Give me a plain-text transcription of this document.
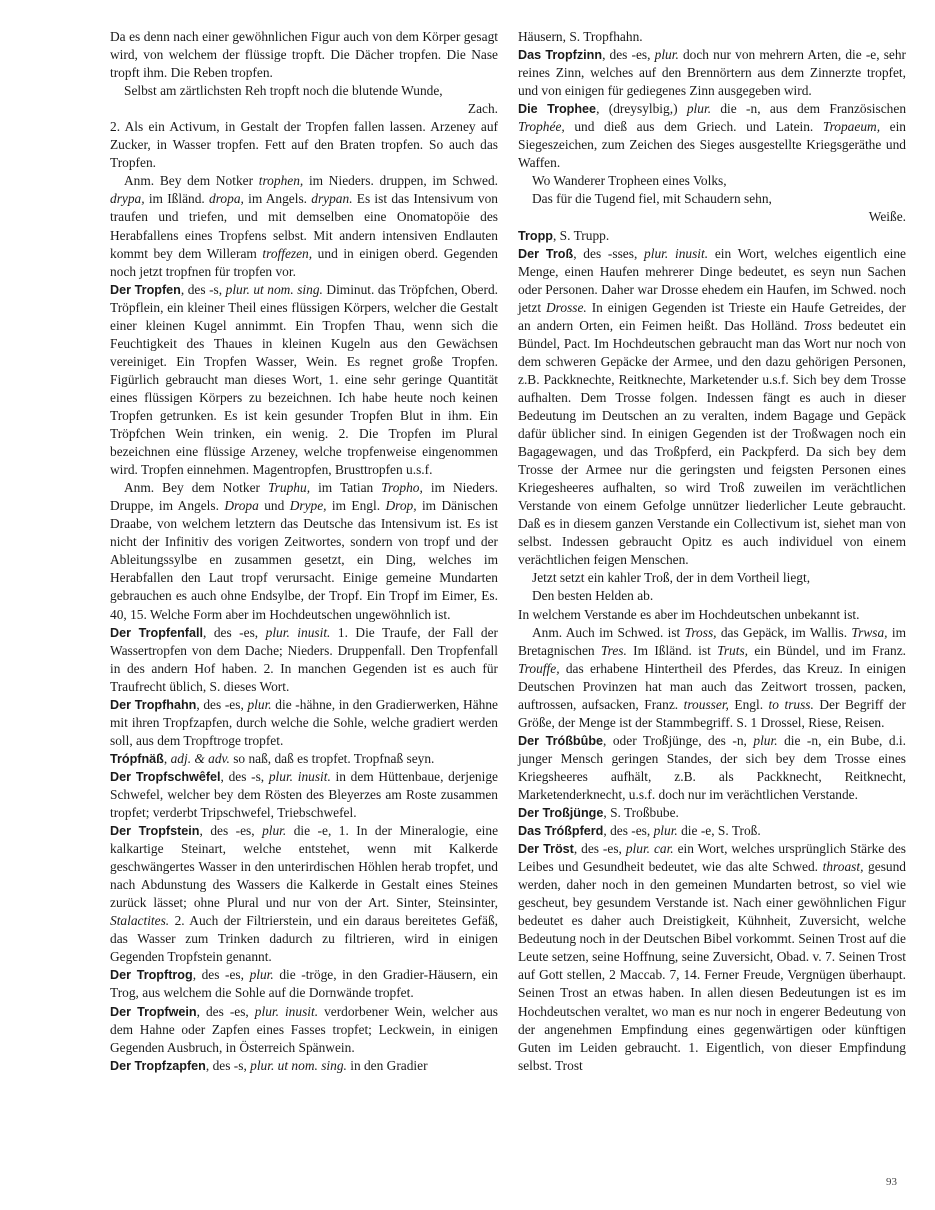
Da es denn nach einer gewöhnlichen Figur auch von dem Körper gesagt wird, von welchem der flüssige tropft. Die Dächer tropfen. Die Nase tropft ihm. Die Reben tropfen.

Selbst am zärtlichsten Reh tropft noch die blutende Wunde,

Zach.

2. Als ein Activum, in Gestalt der Tropfen fallen lassen. Arzeney auf Zucker, in Wasser tropfen. Fett auf den Braten tropfen. So auch das Tropfen.

Anm. Bey dem Notker trophen, im Nieders. druppen, im Schwed. drypa, im Ißländ. dropa, im Angels. drypan. Es ist das Intensivum von traufen und triefen, und mit demselben eine Onomatopöie des Herabfallens eines Tropfens selbst. Mit andern intensiven Endlauten kommt bey dem Willeram troffezen, und in einigen oberd. Gegenden noch jetzt tropfnen für tropfen vor.

Der Tropfen, des -s, plur. ut nom. sing. Diminut. das Tröpfchen, Oberd. Tröpflein, ein kleiner Theil eines flüssigen Körpers, welcher die Gestalt einer kleinen Kugel annimmt. Ein Tropfen Thau, wenn sich die Feuchtigkeit des Thaues in kleinen Kugeln aus den Gewächsen vereiniget. Ein Tropfen Wasser, Wein. Es regnet große Tropfen. Figürlich gebraucht man dieses Wort, 1. eine sehr geringe Quantität eines flüssigen Körpers zu bezeichnen. Ich habe heute noch keinen Tropfen getrunken. Es ist kein gesunder Tropfen Blut in ihm. Ein Tröpfchen Wein trinken, ein wenig. 2. Die Tropfen im Plural bezeichnen eine flüssige Arzeney, welche tropfenweise eingenommen wird. Tropfen einnehmen. Magentropfen, Brusttropfen u.s.f.

Anm. Bey dem Notker Truphu, im Tatian Tropho, im Nieders. Druppe, im Angels. Dropa und Drype, im Engl. Drop, im Dänischen Draabe, von welchem letztern das Deutsche das Intensivum ist. Es ist nicht der Infinitiv des vorigen Zeitwortes, sondern von tropf und der Ableitungssylbe en zusammen gesetzt, ein Ding, welches im Herabfallen den Laut tropf verursacht. Einige gemeine Mundarten gebrauchen es auch ohne Endsylbe, der Tropf. Ein Tropf im Eimer, Es. 40, 15. Welche Form aber im Hochdeutschen ungewöhnlich ist.

Der Tropfenfall, des -es, plur. inusit. 1. Die Traufe, der Fall der Wassertropfen von dem Dache; Nieders. Druppenfall. Den Tropfenfall in des andern Hof haben. 2. In manchen Gegenden ist es auch für Traufrecht üblich, S. dieses Wort.

Der Tropfhahn, des -es, plur. die -hähne, in den Gradierwerken, Hähne mit ihren Tropfzapfen, durch welche die Sohle, welche gradiert werden soll, aus dem Tropftroge tropfet.

Trópfnäß, adj. & adv. so naß, daß es tropfet. Tropfnaß seyn.

Der Tropfschwêfel, des -s, plur. inusit. in dem Hüttenbaue, derjenige Schwefel, welcher bey dem Rösten des Bleyerzes am Roste zusammen tropfet; verderbt Tripschwefel, Triebschwefel.

Der Tropfstein, des -es, plur. die -e, 1. In der Mineralogie, eine kalkartige Steinart, welche entstehet, wenn mit Kalkerde geschwängertes Wasser in den unterirdischen Höhlen herab tropfet, und nach Abdunstung des Wassers die Kalkerde in Gestalt eines Steines zurück lässet; ohne Plural und nur von der Art. Sinter, Steinsinter, Stalactites. 2. Auch der Filtrierstein, und ein daraus bereitetes Gefäß, das Wasser zum Trinken dadurch zu filtrieren, wird in einigen Gegenden Tropfstein genannt.

Der Tropftrog, des -es, plur. die -tröge, in den Gradier-Häusern, ein Trog, aus welchem die Sohle auf die Dornwände tropfet.

Der Tropfwein, des -es, plur. inusit. verdorbener Wein, welcher aus dem Hahne oder Zapfen eines Fasses tropfet; Leckwein, in einigen Gegenden Ausbruch, in Österreich Spänwein.

Der Tropfzapfen, des -s, plur. ut nom. sing. in den Gradier

Häusern, S. Tropfhahn.

Das Tropfzinn, des -es, plur. doch nur von mehrern Arten, die -e, sehr reines Zinn, welches auf den Brennörtern aus dem Zinnerzte tropfet, und von einigen für gediegenes Zinn ausgegeben wird.

Die Trophee, (dreysylbig,) plur. die -n, aus dem Französischen Trophée, und dieß aus dem Griech. und Latein. Tropaeum, ein Siegeszeichen, zum Zeichen des Sieges ausgestellte Kriegsgeräthe und Waffen.

Wo Wanderer Tropheen eines Volks,

Das für die Tugend fiel, mit Schaudern sehn,

Weiße.

Tropp, S. Trupp.

Der Troß, des -sses, plur. inusit. ein Wort, welches eigentlich eine Menge, einen Haufen mehrerer Dinge bedeutet, es seyn nun Sachen oder Personen. Daher war Drosse ehedem ein Haufen, im Schwed. noch jetzt Drosse. In einigen Gegenden ist Trieste ein Haufe Getreides, der an andern Orten, ein Feimen heißt. Das Holländ. Tross bedeutet ein Bündel, Pact. Im Hochdeutschen gebraucht man das Wort nur noch von dem schweren Gepäcke der Armee, und den dazu gehörigen Personen, z.B. Packknechte, Reitknechte, Marketender u.s.f. Sich bey dem Trosse aufhalten. Dem Trosse folgen. Indessen fängt es auch in dieser Bedeutung im Deutschen an zu veralten, indem Bagage und Gepäck dafür üblicher sind. In einigen Gegenden ist der Troßwagen noch ein Bagagewagen, und das Troßpferd, ein Packpferd. Da sich bey dem Trosse der Armee nur die geringsten und feigsten Personen eines Kriegesheeres aufhalten, so wird Troß zuweilen im verächtlichen Verstande von einem Gefolge unnützer liederlicher Leute gebraucht. Daß es in diesem ganzen Verstande ein Collectivum ist, siehet man von selbst. Indessen gebraucht Opitz es auch individuel von einem verächtlichen feigen Menschen.

Jetzt setzt ein kahler Troß, der in dem Vortheil liegt,

Den besten Helden ab.

In welchem Verstande es aber im Hochdeutschen unbekannt ist.

Anm. Auch im Schwed. ist Tross, das Gepäck, im Wallis. Trwsa, im Bretagnischen Tres. Im Ißländ. ist Truts, ein Bündel, und im Franz. Trouffe, das erhabene Hintertheil des Pferdes, das Kreuz. In einigen Deutschen Provinzen hat man auch das Zeitwort trossen, packen, auftrossen, aufsacken, Franz. trousser, Engl. to truss. Der Begriff der Größe, der Menge ist der Stammbegriff. S. 1 Drossel, Riese, Reisen.

Der Tróßbûbe, oder Troßjünge, des -n, plur. die -n, ein Bube, d.i. junger Mensch geringen Standes, der sich bey dem Trosse eines Kriegsheeres aufhält, z.B. als Packknecht, Reitknecht, Marketenderknecht, u.s.f. doch nur im verächtlichen Verstande.

Der Troßjünge, S. Troßbube.

Das Tróßpferd, des -es, plur. die -e, S. Troß.

Der Tröst, des -es, plur. car. ein Wort, welches ursprünglich Stärke des Leibes und Gesundheit bedeutet, wie das alte Schwed. throast, gesund werden, daher noch in den gemeinen Mundarten betrost, so viel wie gescheut, bey gesundem Verstande ist. Nach einer gewöhnlichen Figur bedeutet es daher auch Dreistigkeit, Kühnheit, Zuversicht, welche Bedeutung noch in der Deutschen Bibel vorkommt. Seinen Trost auf die Leute setzen, seine Hoffnung, seine Zuversicht, Obad. v. 7. Seinen Trost auf Gott stellen, 2 Maccab. 7, 14. Ferner Freude, Vergnügen überhaupt. Seinen Trost an etwas haben. In allen diesen Bedeutungen ist es im Hochdeutschen veraltet, wo man es nur noch in engerer Bedeutung von der angenehmen Empfindung eines gegenwärtigen oder künftigen Guten im Leiden gebraucht. 1. Eigentlich, von dieser Empfindung selbst. Trost

93
